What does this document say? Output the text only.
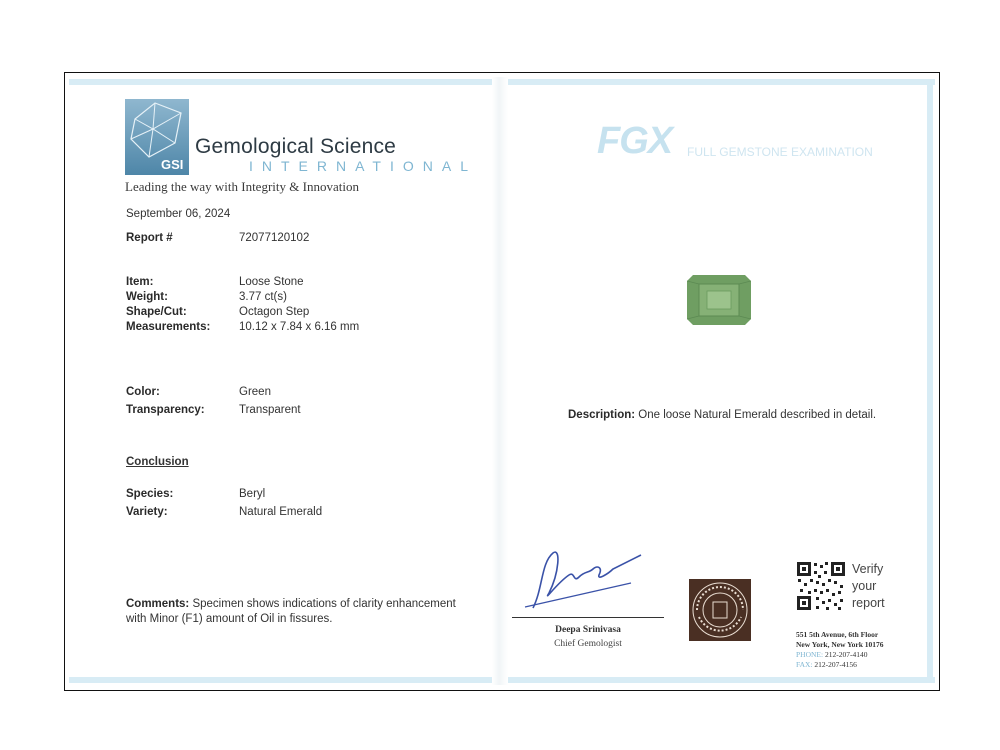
GSI
Gemological Science
INTERNATIONAL
Leading the way with Integrity & Innovation
September 06, 2024
Report #	72077120102
Item:	Loose Stone
Weight:	3.77 ct(s)
Shape/Cut:	Octagon Step
Measurements: 10.12 x 7.84 x 6.16 mm
Color:	Green
Transparency:	Transparent
Conclusion
Species:	Beryl
Variety:	Natural Emerald
Comments: Specimen shows indications of clarity enhancement with Minor (F1) amount of Oil in fissures.
FGX FULL GEMSTONE EXAMINATION
Description: One loose Natural Emerald described in detail.
Deepa Srinivasa
Chief Gemologist
Verify
your
report
551 5th Avenue, 6th Floor
New York, New York 10176
PHONE: 212-207-4140
FAX: 212-207-4156
